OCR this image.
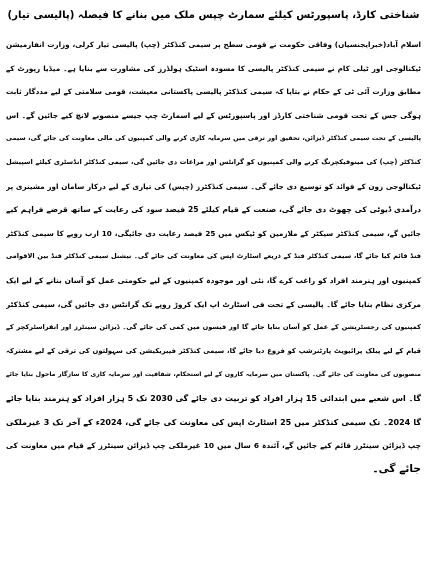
شناختی کارڈ، پاسپورٹس کیلئے سمارٹ چپس ملک میں بنانے کا فیصلہ (پالیسی تیار)
اسلام آباد(خبرایجنسیاں) وفاقی حکومت نے قومی سطح پر سیمی کنڈکٹر (چپ) پالیسی تیار کرلی، وزارت انفارمیشن
ٹیکنالوجی اور ٹیلی کام نے سیمی کنڈکٹر پالیسی کا مسودہ اسٹیک ہولڈرز کی مشاورت سے بنایا ہے۔ میڈیا رپورٹ کے
مطابق وزارت آئی ٹی کے حکام نے بتایا کہ سیمی کنڈکٹر پالیسی پاکستانی معیشت، قومی سلامتی کے لیے مددگار ثابت
ہوگی جس کے تحت قومی شناختی کارڈز اور پاسپورٹس کے لیے اسمارٹ چپ جیسے منصوبے لانچ کیے جائیں گے۔ اس
پالیسی کے تحت سیمی کنڈکٹر ڈیزائن، تحقیق اور ترقی میں سرمایہ کاری کرنے والی کمپنیوں کی مالی معاونت کی جائے گی، سیمی
کنڈکٹر (چپ) کی مینوفیکچرنگ کرنے والی کمپنیوں کو گرانٹس اور مراعات دی جائیں گی، سیمی کنڈکٹر انڈسٹری کیلئے اسپیشل
ٹیکنالوجی زون کے فوائد کو توسیع دی جائے گی۔ سیمی کنڈکٹرز (چپس) کی تیاری کے لیے درکار سامان اور مشینری پر
درآمدی ڈیوٹی کی چھوٹ دی جائے گی، صنعت کے قیام کیلئے 25 فیصد سود کی رعایت کے ساتھ قرضے فراہم کیے
جائیں گے، سیمی کنڈکٹر سیکٹر کے ملازمین کو ٹیکس میں 25 فیصد رعایت دی جائیگی، 10 ارب روپے کا سیمی کنڈکٹر
فنڈ قائم کیا جائے گا، سیمی کنڈکٹر فنڈ کے ذریعے اسٹارٹ اپس کی معاونت کی جائے گی۔ نیشنل سیمی کنڈکٹر فنڈ بین الاقوامی
کمپنیوں اور ہنرمند افراد کو راغب کرے گا، نئی اور موجودہ کمپنیوں کے لیے حکومتی عمل کو آسان بنانے کے لیے ایک
مرکزی نظام بنایا جائے گا۔ پالیسی کے تحت فی اسٹارٹ اپ ایک کروڑ روپے تک گرانٹس دی جائیں گی، سیمی کنڈکٹر
کمپنیوں کی رجسٹریشن کے عمل کو آسان بنایا جائے گا اور فیسوں میں کمی کی جائے گی۔ ڈیزائن سینٹرز اور انفراسٹرکچر کے
قیام کے لیے پبلک پرائیویٹ پارٹنرشپ کو فروغ دیا جائے گا، سیمی کنڈکٹر فیبریکیشن کی سہولتوں کی ترقی کے لیے مشترکہ
منصوبوں کی معاونت کی جائے گی۔ پاکستان میں سرمایہ کاروں کے لیے استحکام، شفافیت اور سرمایہ کاری کا سازگار ماحول بنایا جائے
گا۔ اس شعبے میں ابتدائی 15 ہزار افراد کو تربیت دی جائے گی 2030 تک 5 ہزار افراد کو ہنرمند بنایا جائے
گا 2024۔ تک سیمی کنڈکٹر میں 25 اسٹارٹ اپس کی معاونت کی جائے گی، 2024ء کے آخر تک 3 غیرملکی
چپ ڈیزائن سینٹرز قائم کیے جائیں گے، آئندہ 6 سال میں 10 غیرملکی چپ ڈیزائن سینٹرز کے قیام میں معاونت کی
جائے گی۔
